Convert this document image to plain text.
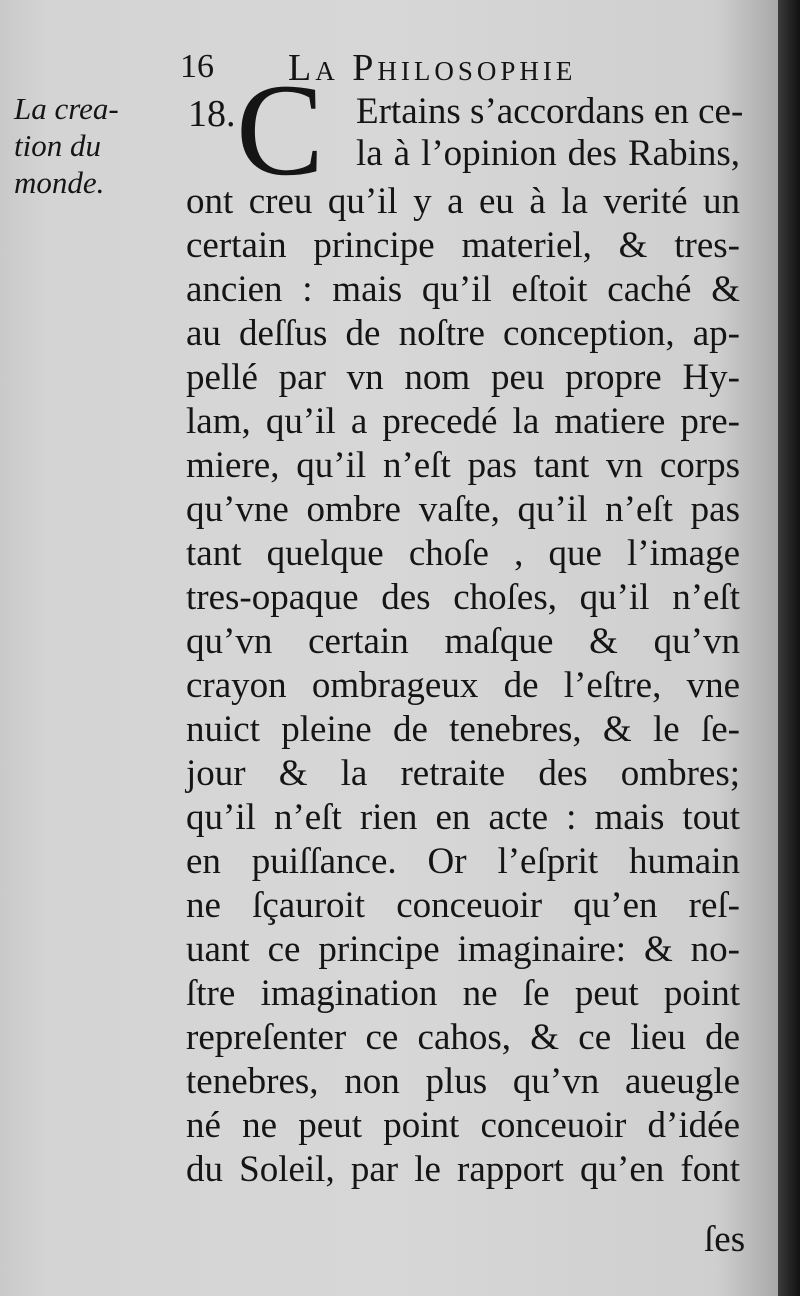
16 La Philosophie
La crea-
tion du
monde.
18. C Ertains s’accordans en ce-
la à l’opinion des Rabins,
ont creu qu’il y a eu à la verité un
certain principe materiel, & tres-
ancien : mais qu’il eſtoit caché &
au deſſus de noſtre conception, ap-
pellé par vn nom peu propre Hy-
lam, qu’il a precedé la matiere pre-
miere, qu’il n’eſt pas tant vn corps
qu’vne ombre vaſte, qu’il n’eſt pas
tant quelque choſe , que l’image
tres-opaque des choſes, qu’il n’eſt
qu’vn certain maſque & qu’vn
crayon ombrageux de l’eſtre, vne
nuict pleine de tenebres, & le ſe-
jour & la retraite des ombres;
qu’il n’eſt rien en acte : mais tout
en puiſſance. Or l’eſprit humain
ne ſçauroit conceuoir qu’en reſ-
uant ce principe imaginaire: & no-
ſtre imagination ne ſe peut point
repreſenter ce cahos, & ce lieu de
tenebres, non plus qu’vn aueugle
né ne peut point conceuoir d’idée
du Soleil, par le rapport qu’en font
ſes
